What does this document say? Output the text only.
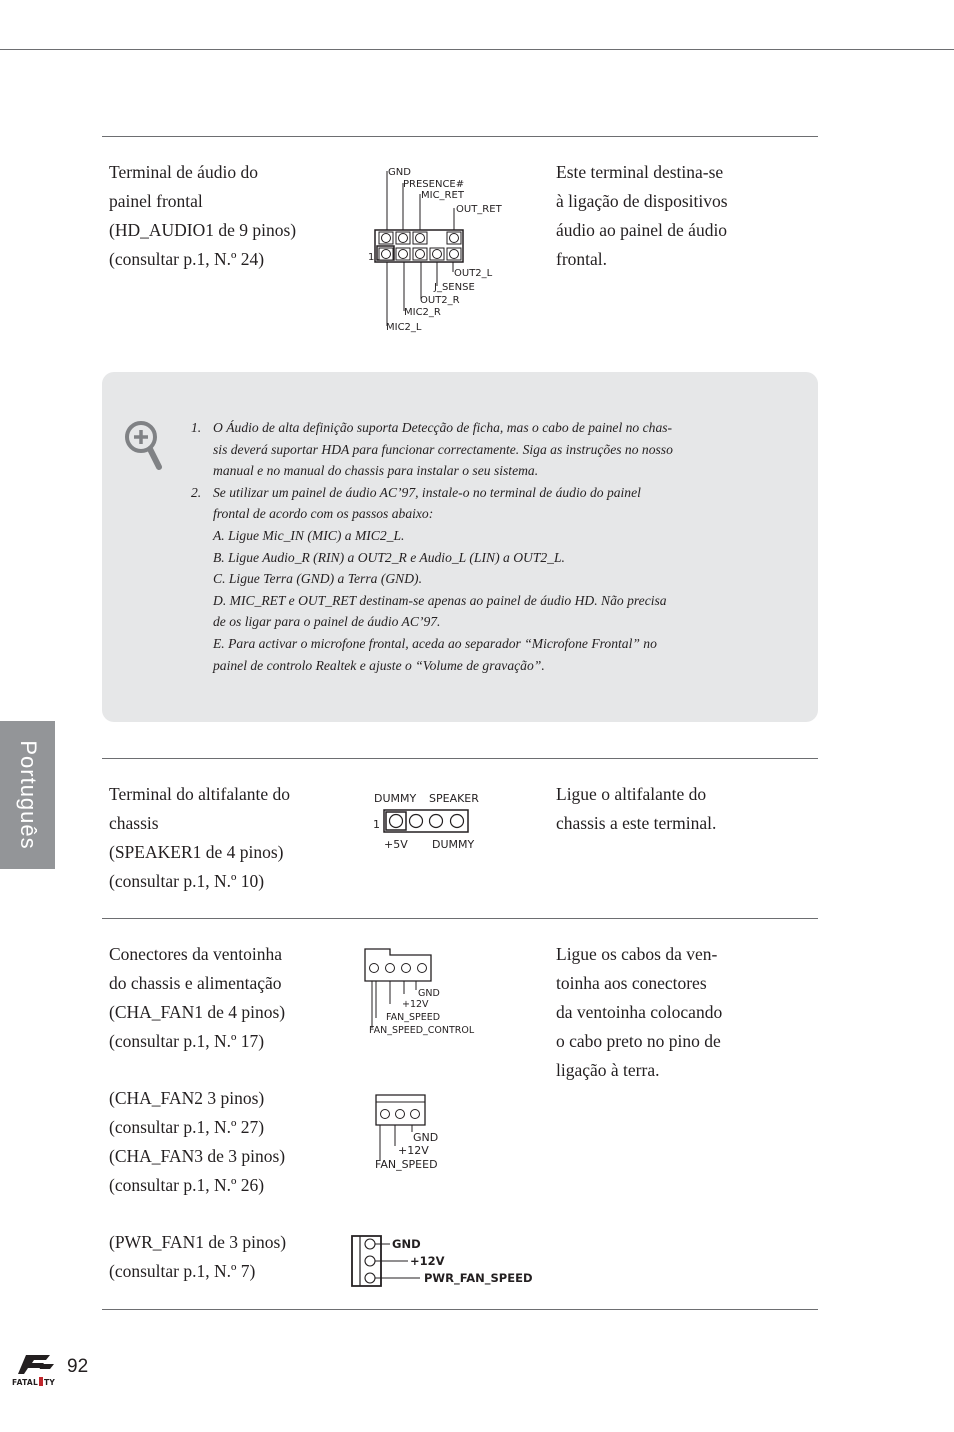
Terminal de áudio do
painel frontal
(HD_AUDIO1 de 9 pinos)
(consultar p.1, N.º 24)
GND
PRESENCE#
MIC_RET
OUT_RET
1
OUT2_L
J_SENSE
OUT2_R
MIC2_R
MIC2_L
Este terminal destina-se
à ligação de dispositivos
áudio ao painel de áudio
frontal.
1. O Áudio de alta definição suporta Detecção de ficha, mas o cabo de painel no chas-
sis deverá suportar HDA para funcionar correctamente. Siga as instruções no nosso
manual e no manual do chassis para instalar o seu sistema.
2. Se utilizar um painel de áudio AC’97, instale-o no terminal de áudio do painel
frontal de acordo com os passos abaixo:
A. Ligue Mic_IN (MIC) a MIC2_L.
B. Ligue Audio_R (RIN) a OUT2_R e Audio_L (LIN) a OUT2_L.
C. Ligue Terra (GND) a Terra (GND).
D. MIC_RET e OUT_RET destinam-se apenas ao painel de áudio HD. Não precisa
de os ligar para o painel de áudio AC’97.
E. Para activar o microfone frontal, aceda ao separador “Microfone Frontal” no
painel de controlo Realtek e ajuste o “Volume de gravação”.
Terminal do altifalante do
chassis
(SPEAKER1 de 4 pinos)
(consultar p.1, N.º 10)
DUMMY SPEAKER
1
+5V DUMMY
Ligue o altifalante do
chassis a este terminal.
Conectores da ventoinha
do chassis e alimentação
(CHA_FAN1 de 4 pinos)
(consultar p.1, N.º 17)
(CHA_FAN2 3 pinos)
(consultar p.1, N.º 27)
(CHA_FAN3 de 3 pinos)
(consultar p.1, N.º 26)
(PWR_FAN1 de 3 pinos)
(consultar p.1, N.º 7)
GND
+12V
FAN_SPEED
FAN_SPEED_CONTROL
GND
+12V
FAN_SPEED
GND
+12V
PWR_FAN_SPEED
Ligue os cabos da ven-
toinha aos conectores
da ventoinha colocando
o cabo preto no pino de
ligação à terra.
Português
FATAL TY
92
